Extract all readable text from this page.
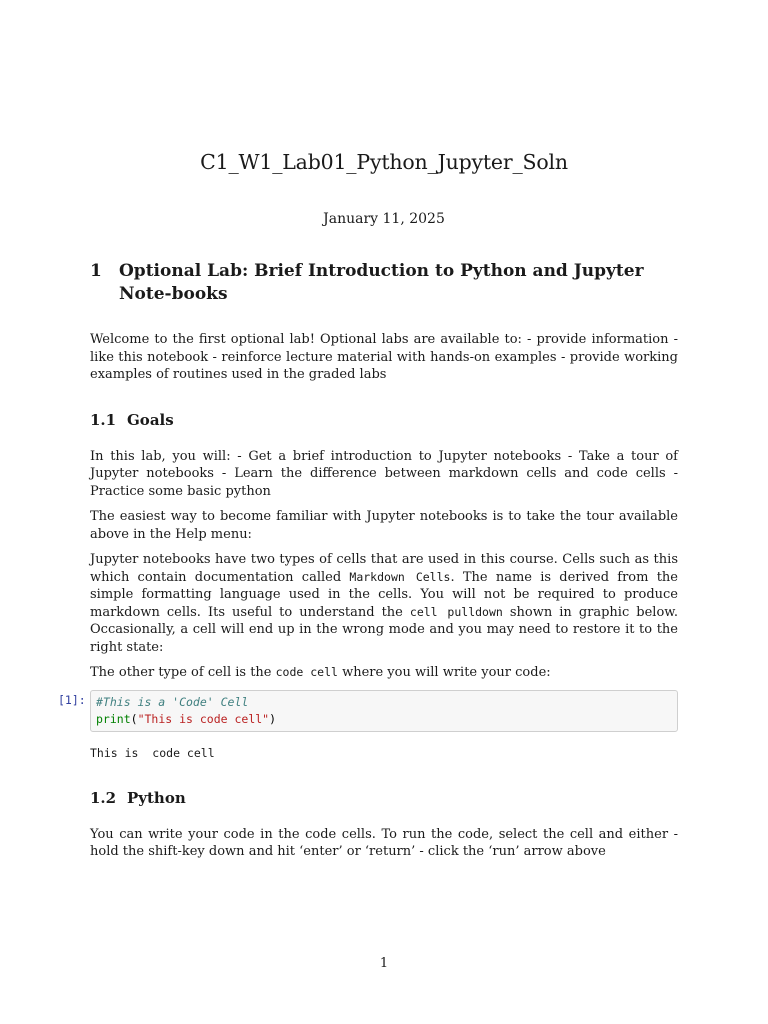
C1_W1_Lab01_Python_Jupyter_Soln
January 11, 2025
1	Optional Lab: Brief Introduction to Python and Jupyter Note-books

Welcome to the first optional lab! Optional labs are available to: - provide information - like this notebook - reinforce lecture material with hands-on examples - provide working examples of routines used in the graded labs

1.1 Goals

In this lab, you will: - Get a brief introduction to Jupyter notebooks - Take a tour of Jupyter notebooks - Learn the difference between markdown cells and code cells - Practice some basic python

The easiest way to become familiar with Jupyter notebooks is to take the tour available above in the Help menu:

Jupyter notebooks have two types of cells that are used in this course. Cells such as this which contain documentation called Markdown Cells. The name is derived from the simple formatting language used in the cells. You will not be required to produce markdown cells. Its useful to understand the cell pulldown shown in graphic below. Occasionally, a cell will end up in the wrong mode and you may need to restore it to the right state:

The other type of cell is the code cell where you will write your code:

[1]: #This is a 'Code' Cell
print("This is code cell")
This is  code cell
1.2 Python

You can write your code in the code cells. To run the code, select the cell and either - hold the shift-key down and hit ‘enter’ or ‘return’ - click the ‘run’ arrow above

1
